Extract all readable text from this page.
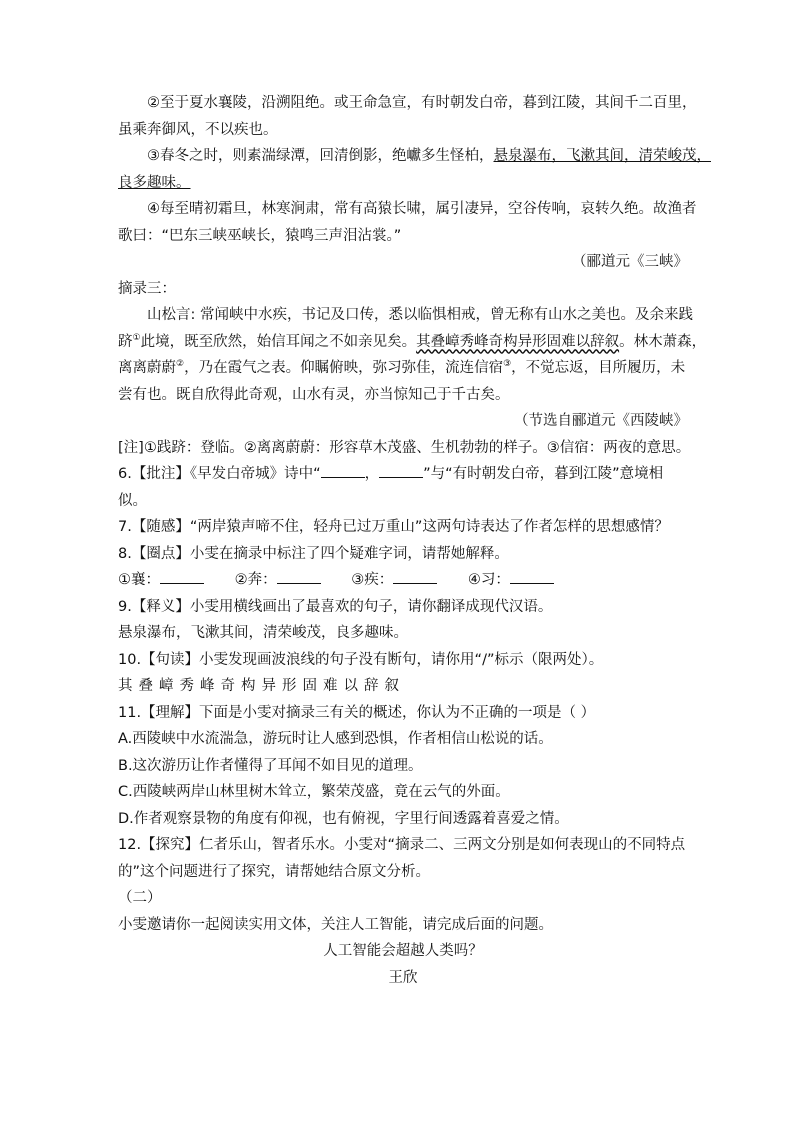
②至于夏水襄陵，沿溯阻绝。或王命急宣，有时朝发白帝，暮到江陵，其间千二百里，
虽乘奔御风，不以疾也。
③春冬之时，则素湍绿潭，回清倒影，绝巘多生怪柏，悬泉瀑布，飞漱其间，清荣峻茂，
良多趣味。
④每至晴初霜旦，林寒涧肃，常有高猿长啸，属引凄异，空谷传响，哀转久绝。故渔者
歌曰：“巴东三峡巫峡长，猿鸣三声泪沾裳。”
（郦道元《三峡》
摘录三：
山松言: 常闻峡中水疾，书记及口传，悉以临惧相戒，曾无称有山水之美也。及余来践
跻①此境，既至欣然，始信耳闻之不如亲见矣。其叠嶂秀峰奇构异形固难以辞叙。林木萧森，
离离蔚蔚②，乃在霞气之表。仰瞩俯映，弥习弥佳，流连信宿③，不觉忘返，目所履历，未
尝有也。既自欣得此奇观，山水有灵，亦当惊知己于千古矣。
（节选自郦道元《西陵峡》
[注]①践跻：登临。②离离蔚蔚：形容草木茂盛、生机勃勃的样子。③信宿：两夜的意思。
6.【批注】《早发白帝城》诗中“	，	”与“有时朝发白帝，暮到江陵”意境相
似。
7.【随感】“两岸猿声啼不住，轻舟已过万重山”这两句诗表达了作者怎样的思想感情？
8.【圈点】小雯在摘录中标注了四个疑难字词，请帮她解释。
①襄：	②奔：	③疾：	④习：
9.【释义】小雯用横线画出了最喜欢的句子，请你翻译成现代汉语。
悬泉瀑布，飞漱其间，清荣峻茂，良多趣味。
10.【句读】小雯发现画波浪线的句子没有断句，请你用“/”标示（限两处）。
其叠嶂秀峰奇构异形固难以辞叙
11.【理解】下面是小雯对摘录三有关的概述，你认为不正确的一项是（ ）
A.西陵峡中水流湍急，游玩时让人感到恐惧，作者相信山松说的话。
B.这次游历让作者懂得了耳闻不如目见的道理。
C.西陵峡两岸山林里树木耸立，繁荣茂盛，竟在云气的外面。
D.作者观察景物的角度有仰视，也有俯视，字里行间透露着喜爱之情。
12.【探究】仁者乐山，智者乐水。小雯对“摘录二、三两文分别是如何表现山的不同特点
的”这个问题进行了探究，请帮她结合原文分析。
（二）
小雯邀请你一起阅读实用文体，关注人工智能，请完成后面的问题。
人工智能会超越人类吗？
王欣
